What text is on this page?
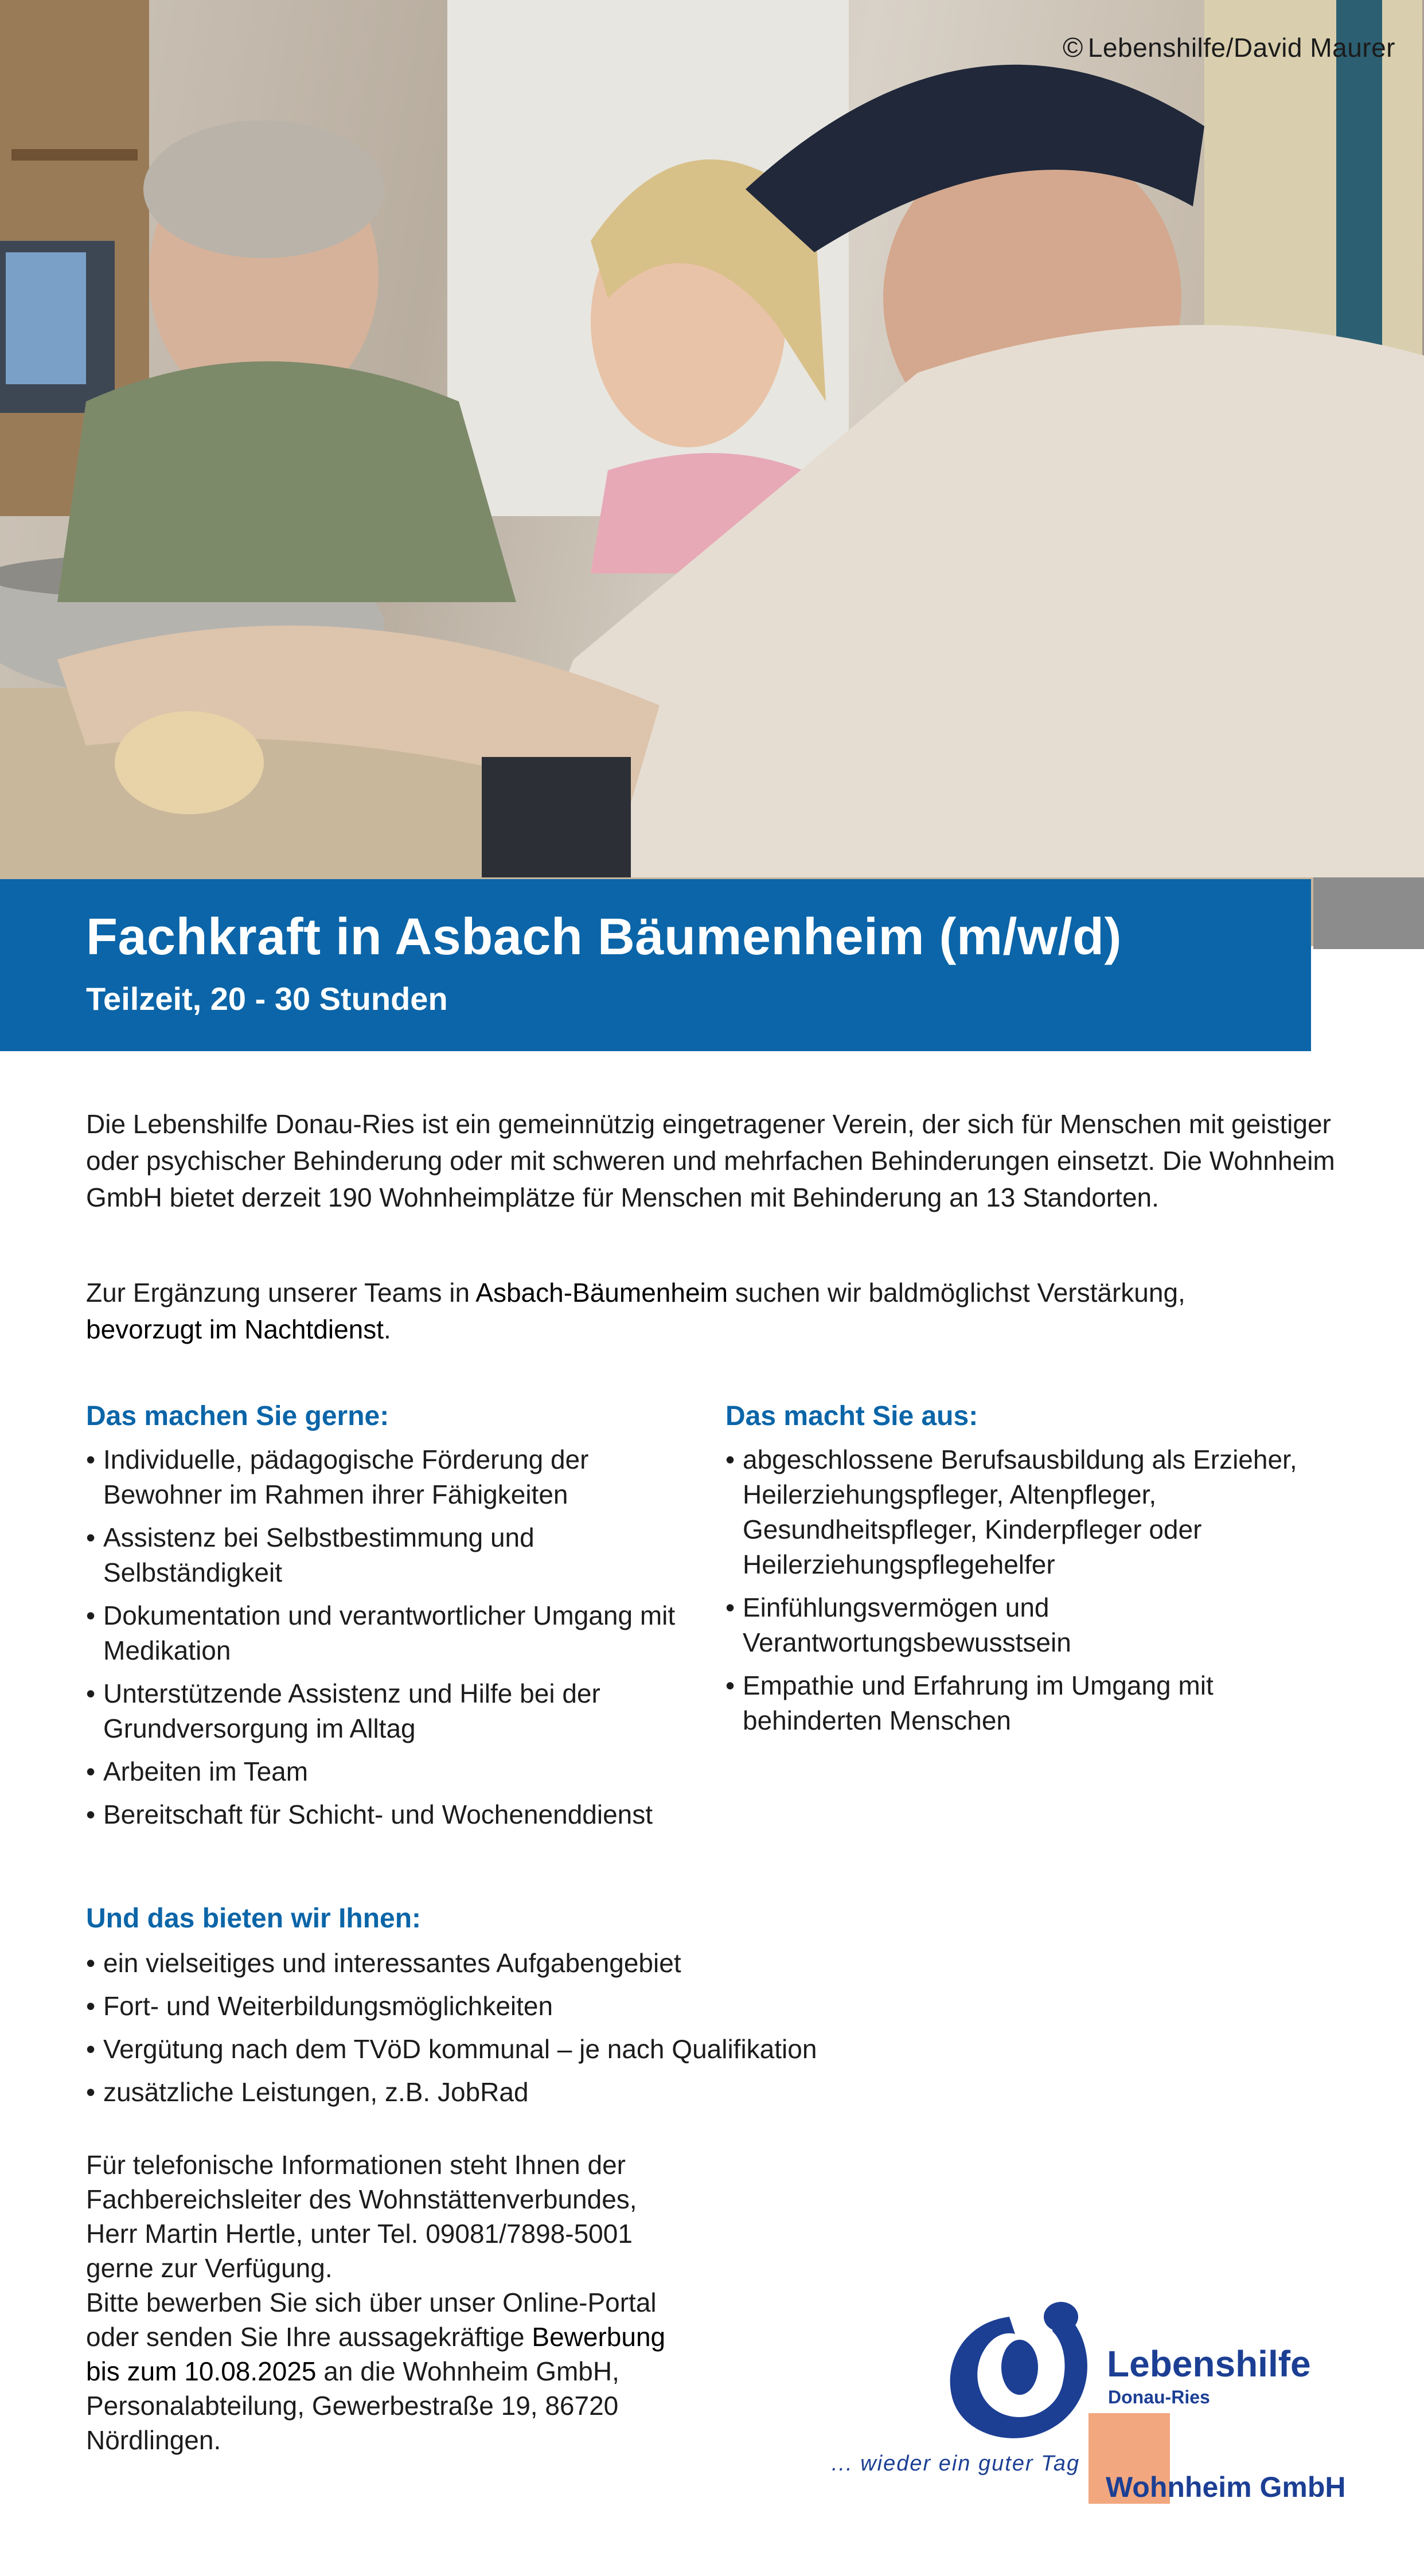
© Lebenshilfe/David Maurer
Fachkraft in Asbach Bäumenheim (m/w/d)
Teilzeit, 20 - 30 Stunden
Die Lebenshilfe Donau-Ries ist ein gemeinnützig eingetragener Verein, der sich für Menschen mit geistiger oder psychischer Behinderung oder mit schweren und mehrfachen Behinderungen einsetzt. Die Wohnheim GmbH bietet derzeit 190 Wohnheimplätze für Menschen mit Behinderung an 13 Standorten.
Zur Ergänzung unserer Teams in Asbach-Bäumenheim suchen wir baldmöglichst Verstärkung,
bevorzugt im Nachtdienst.
Das machen Sie gerne:
• Individuelle, pädagogische Förderung der Bewohner im Rahmen ihrer Fähigkeiten
• Assistenz bei Selbstbestimmung und Selbständigkeit
• Dokumentation und verantwortlicher Umgang mit Medikation
• Unterstützende Assistenz und Hilfe bei der Grundversorgung im Alltag
• Arbeiten im Team
• Bereitschaft für Schicht- und Wochenenddienst
Das macht Sie aus:
• abgeschlossene Berufsausbildung als Erzieher, Heilerziehungspfleger, Altenpfleger, Gesundheitspfleger, Kinderpfleger oder Heilerziehungspflegehelfer
• Einfühlungsvermögen und Verantwortungsbewusstsein
• Empathie und Erfahrung im Umgang mit behinderten Menschen
Und das bieten wir Ihnen:
• ein vielseitiges und interessantes Aufgabengebiet
• Fort- und Weiterbildungsmöglichkeiten
• Vergütung nach dem TVöD kommunal – je nach Qualifikation
• zusätzliche Leistungen, z.B. JobRad
Für telefonische Informationen steht Ihnen der
Fachbereichsleiter des Wohnstättenverbundes,
Herr Martin Hertle, unter Tel. 09081/7898-5001
gerne zur Verfügung.
Bitte bewerben Sie sich über unser Online-Portal
oder senden Sie Ihre aussagekräftige Bewerbung
bis zum 10.08.2025 an die Wohnheim GmbH,
Personalabteilung, Gewerbestraße 19, 86720
Nördlingen.
Lebenshilfe
Donau-Ries
... wieder ein guter Tag
Wohnheim GmbH
